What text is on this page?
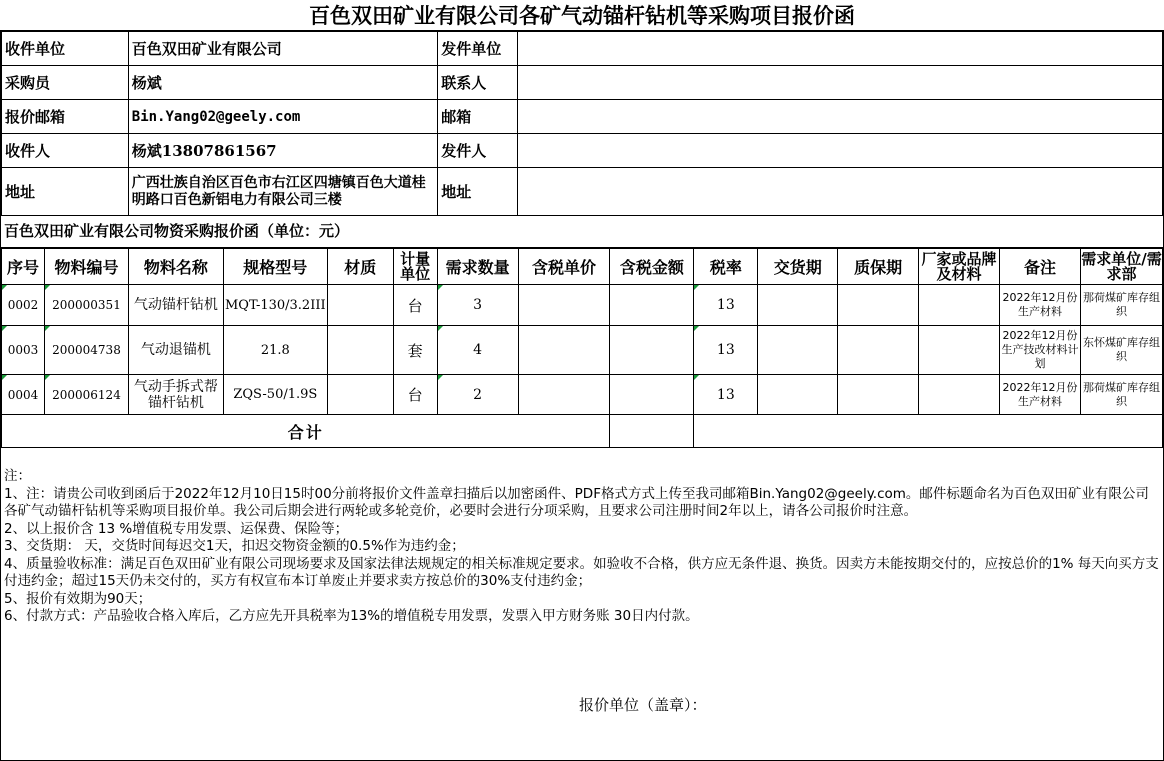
百色双田矿业有限公司各矿气动锚杆钻机等采购项目报价函
收件单位	百色双田矿业有限公司	发件单位	
采购员	杨斌	联系人	
报价邮箱	Bin.Yang02@geely.com	邮箱	
收件人	杨斌13807861567	发件人	
地址	广西壮族自治区百色市右江区四塘镇百色大道桂明路口百色新铝电力有限公司三楼	地址	
百色双田矿业有限公司物资采购报价函（单位：元）
序号	物料编号	物料名称	规格型号	材质	计量单位	需求数量	含税单价	含税金额	税率	交货期	质保期	厂家或品牌及材料	备注	需求单位/需求部
0002	200000351	气动锚杆钻机	MQT-130/3.2III		台	3			13				2022年12月份生产材料	那荷煤矿库存组织
0003	200004738	气动退锚机	21.8		套	4			13				2022年12月份生产技改材料计划	东怀煤矿库存组织
0004	200006124	气动手拆式帮锚杆钻机	ZQS-50/1.9S		台	2			13				2022年12月份生产材料	那荷煤矿库存组织
合计														
注：
1、注：请贵公司收到函后于2022年12月10日15时00分前将报价文件盖章扫描后以加密函件、PDF格式方式上传至我司邮箱Bin.Yang02@geely.com。邮件标题命名为百色双田矿业有限公司各矿气动锚杆钻机等采购项目报价单。我公司后期会进行两轮或多轮竞价，必要时会进行分项采购，且要求公司注册时间2年以上，请各公司报价时注意。
2、以上报价含 13 %增值税专用发票、运保费、保险等；
3、交货期： 天，交货时间每迟交1天，扣迟交物资金额的0.5%作为违约金；
4、质量验收标准：满足百色双田矿业有限公司现场要求及国家法律法规规定的相关标准规定要求。如验收不合格，供方应无条件退、换货。因卖方未能按期交付的，应按总价的1% 每天向买方支付违约金；超过15天仍未交付的，买方有权宣布本订单废止并要求卖方按总价的30%支付违约金；
5、报价有效期为90天；
6、付款方式：产品验收合格入库后，乙方应先开具税率为13%的增值税专用发票，发票入甲方财务账 30日内付款。
报价单位（盖章）：
